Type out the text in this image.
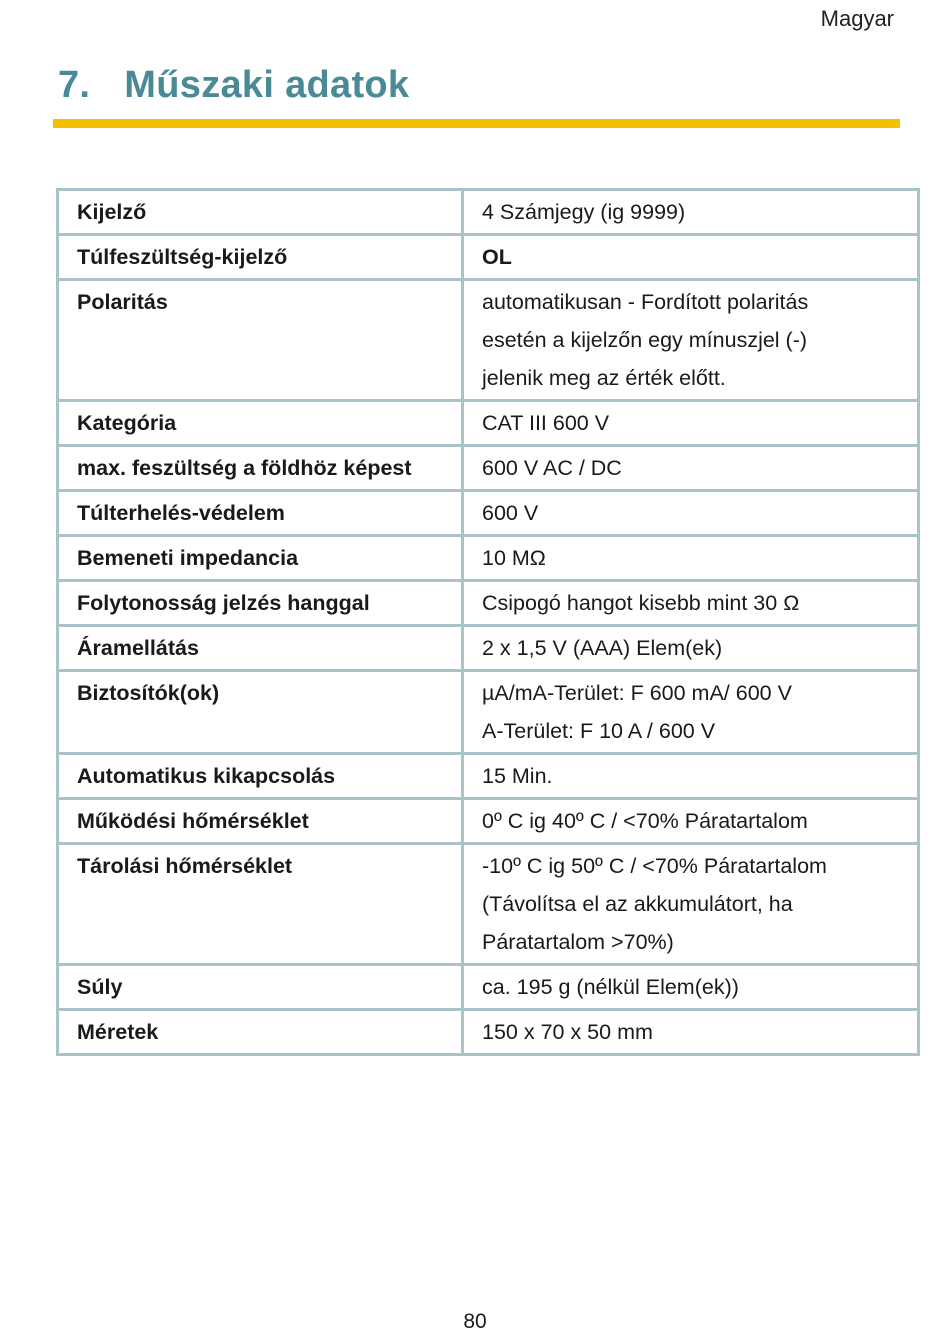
Magyar
7. Műszaki adatok
Kijelző	4 Számjegy (ig 9999)

Túlfeszültség-kijelző	OL

Polaritás	automatikusan - Fordított polaritás
esetén a kijelzőn egy mínuszjel (-)
jelenik meg az érték előtt.

Kategória	CAT III 600 V

max. feszültség a földhöz képest	600 V AC / DC

Túlterhelés-védelem	600 V

Bemeneti impedancia	10 MΩ

Folytonosság jelzés hanggal	Csipogó hangot kisebb mint 30 Ω

Áramellátás	2 x 1,5 V (AAA) Elem(ek)

Biztosítók(ok)	µA/mA-Terület: F 600 mA/ 600 V
A-Terület: F 10 A / 600 V

Automatikus kikapcsolás	15 Min.

Működési hőmérséklet	0º C ig 40º C / <70% Páratartalom

Tárolási hőmérséklet	-10º C ig 50º C / <70% Páratartalom
(Távolítsa el az akkumulátort, ha
Páratartalom >70%)

Súly	ca. 195 g (nélkül Elem(ek))

Méretek	150 x 70 x 50 mm
80
